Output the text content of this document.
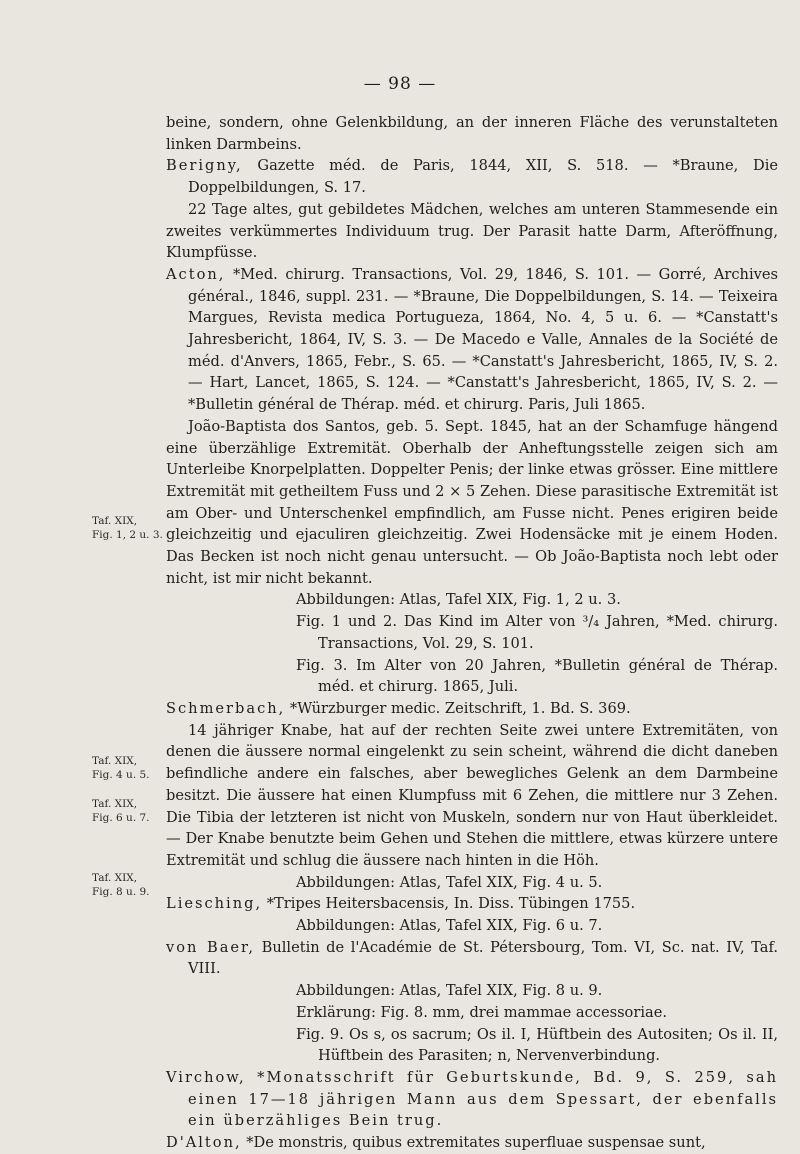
— 98 —
Taf. XIX,
Fig. 1, 2 u. 3.
Taf. XIX,
Fig. 4 u. 5.
Taf. XIX,
Fig. 6 u. 7.
Taf. XIX,
Fig. 8 u. 9.

beine, sondern, ohne Gelenkbildung, an der inneren Fläche des verunstalteten linken Darmbeins.

Berigny, Gazette méd. de Paris, 1844, XII, S. 518. — *Braune, Die Doppelbildungen, S. 17.

22 Tage altes, gut gebildetes Mädchen, welches am unteren Stammesende ein zweites verkümmertes Individuum trug. Der Parasit hatte Darm, Afteröffnung, Klumpfüsse.

Acton, *Med. chirurg. Transactions, Vol. 29, 1846, S. 101. — Gorré, Archives général., 1846, suppl. 231. — *Braune, Die Doppelbildungen, S. 14. — Teixeira Margues, Revista medica Portugueza, 1864, No. 4, 5 u. 6. — *Canstatt's Jahresbericht, 1864, IV, S. 3. — De Macedo e Valle, Annales de la Société de méd. d'Anvers, 1865, Febr., S. 65. — *Canstatt's Jahresbericht, 1865, IV, S. 2. — Hart, Lancet, 1865, S. 124. — *Canstatt's Jahresbericht, 1865, IV, S. 2. — *Bulletin général de Thérap. méd. et chirurg. Paris, Juli 1865.

João-Baptista dos Santos, geb. 5. Sept. 1845, hat an der Schamfuge hängend eine überzählige Extremität. Oberhalb der Anheftungsstelle zeigen sich am Unterleibe Knorpelplatten. Doppelter Penis; der linke etwas grösser. Eine mittlere Extremität mit getheiltem Fuss und 2 × 5 Zehen. Diese parasitische Extremität ist am Ober- und Unterschenkel empfindlich, am Fusse nicht. Penes erigiren beide gleichzeitig und ejaculiren gleichzeitig. Zwei Hodensäcke mit je einem Hoden. Das Becken ist noch nicht genau untersucht. — Ob João-Baptista noch lebt oder nicht, ist mir nicht bekannt.

Abbildungen: Atlas, Tafel XIX, Fig. 1, 2 u. 3.

Fig. 1 und 2. Das Kind im Alter von ³/₄ Jahren, *Med. chirurg. Transactions, Vol. 29, S. 101.

Fig. 3. Im Alter von 20 Jahren, *Bulletin général de Thérap. méd. et chirurg. 1865, Juli.

Schmerbach, *Würzburger medic. Zeitschrift, 1. Bd. S. 369.

14 jähriger Knabe, hat auf der rechten Seite zwei untere Extremitäten, von denen die äussere normal eingelenkt zu sein scheint, während die dicht daneben befindliche andere ein falsches, aber bewegliches Gelenk an dem Darmbeine besitzt. Die äussere hat einen Klumpfuss mit 6 Zehen, die mittlere nur 3 Zehen. Die Tibia der letzteren ist nicht von Muskeln, sondern nur von Haut überkleidet. — Der Knabe benutzte beim Gehen und Stehen die mittlere, etwas kürzere untere Extremität und schlug die äussere nach hinten in die Höh.

Abbildungen: Atlas, Tafel XIX, Fig. 4 u. 5.

Liesching, *Tripes Heitersbacensis, In. Diss. Tübingen 1755.

Abbildungen: Atlas, Tafel XIX, Fig. 6 u. 7.

von Baer, Bulletin de l'Académie de St. Pétersbourg, Tom. VI, Sc. nat. IV, Taf. VIII.

Abbildungen: Atlas, Tafel XIX, Fig. 8 u. 9.

Erklärung: Fig. 8. mm, drei mammae accessoriae.

Fig. 9. Os s, os sacrum; Os il. I, Hüftbein des Autositen; Os il. II, Hüftbein des Parasiten; n, Nervenverbindung.

Virchow, *Monatsschrift für Geburtskunde, Bd. 9, S. 259, sah einen 17—18 jährigen Mann aus dem Spessart, der ebenfalls ein überzähliges Bein trug.

D'Alton, *De monstris, quibus extremitates superfluae suspensae sunt,
